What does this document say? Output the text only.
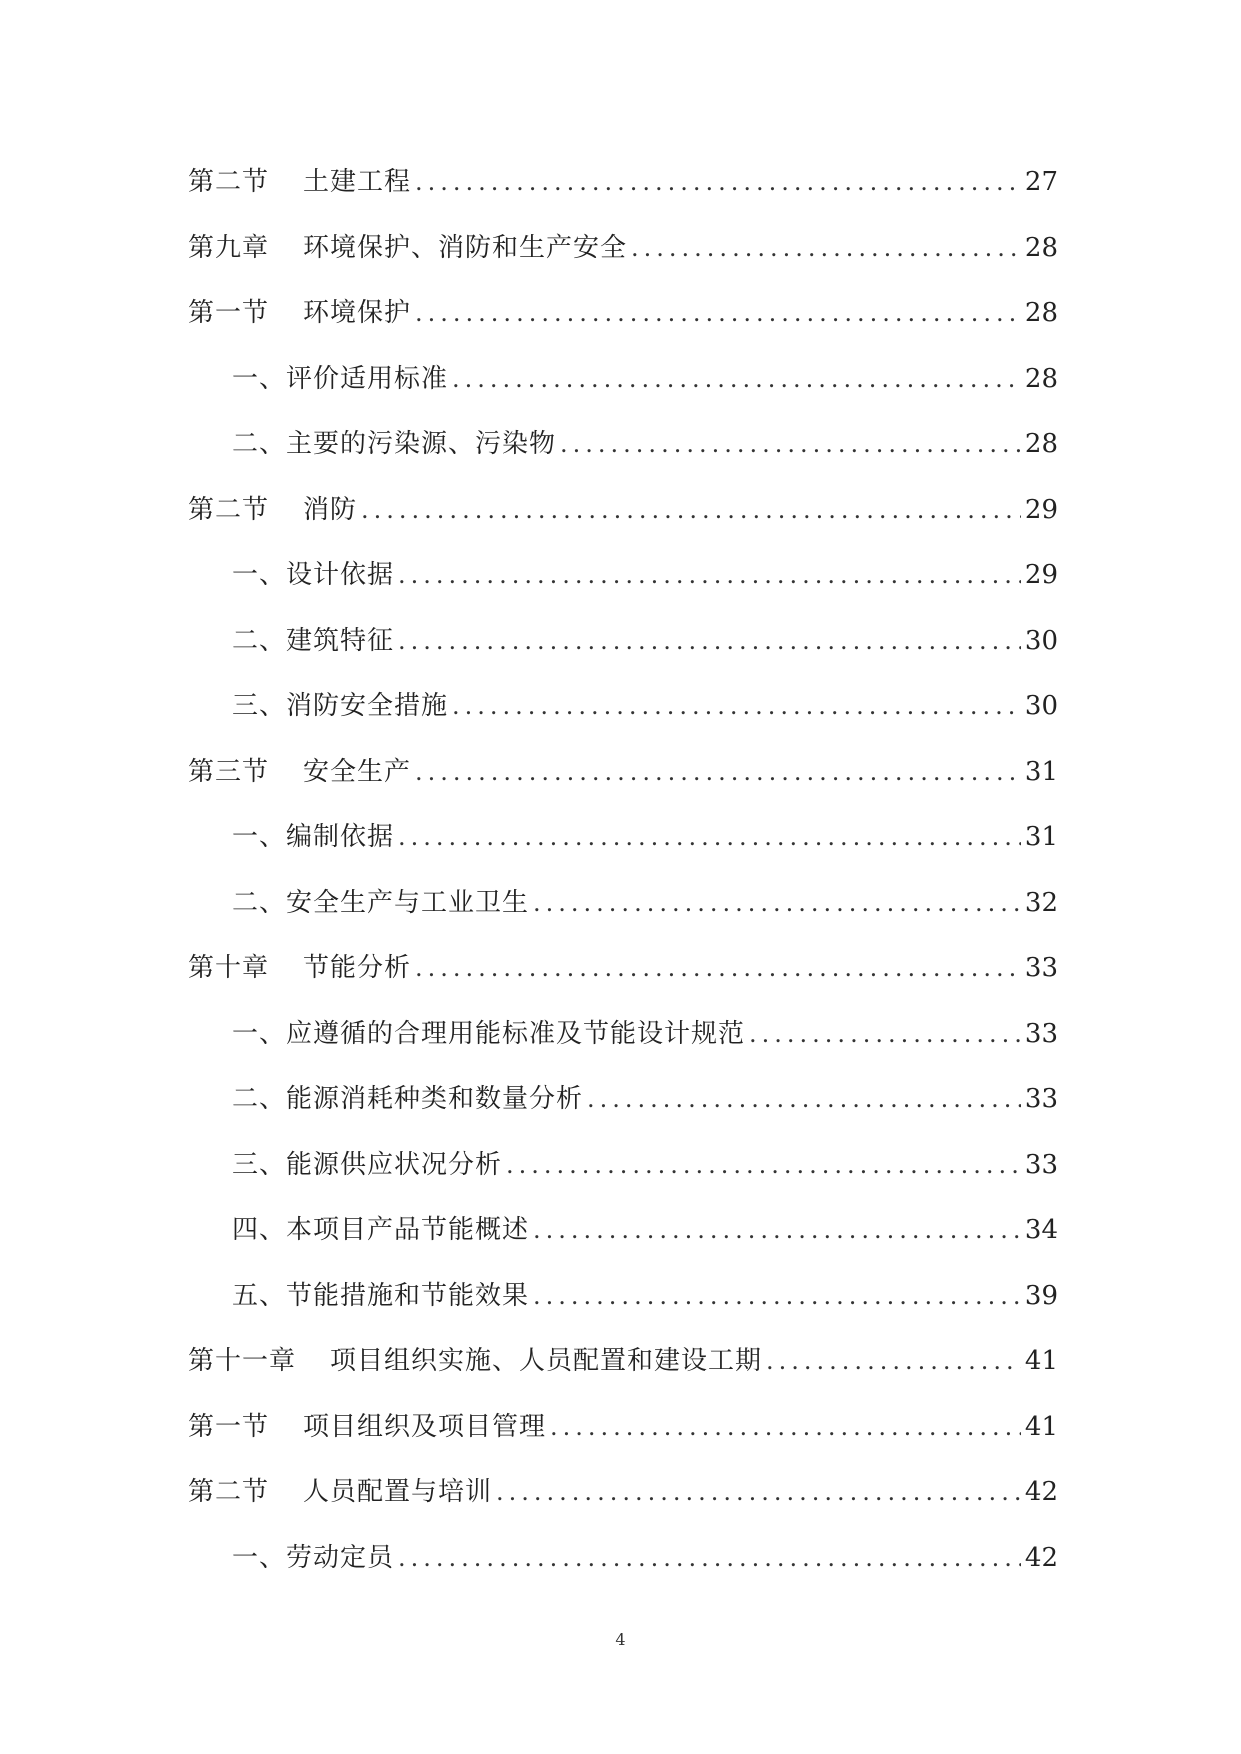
第二节 土建工程 .....	27
第九章 环境保护、消防和生产安全 .....	28
第一节 环境保护 .....	28
一、评价适用标准 .....	28
二、主要的污染源、污染物 .....	28
第二节 消防 .....	29
一、设计依据 .....	29
二、建筑特征 .....	30
三、消防安全措施 .....	30
第三节 安全生产 .....	31
一、编制依据 .....	31
二、安全生产与工业卫生 .....	32
第十章 节能分析 .....	33
一、应遵循的合理用能标准及节能设计规范 .....	33
二、能源消耗种类和数量分析 .....	33
三、能源供应状况分析 .....	33
四、本项目产品节能概述 .....	34
五、节能措施和节能效果 .....	39
第十一章 项目组织实施、人员配置和建设工期 .....	41
第一节 项目组织及项目管理 .....	41
第二节 人员配置与培训 .....	42
一、劳动定员 .....	42
4
